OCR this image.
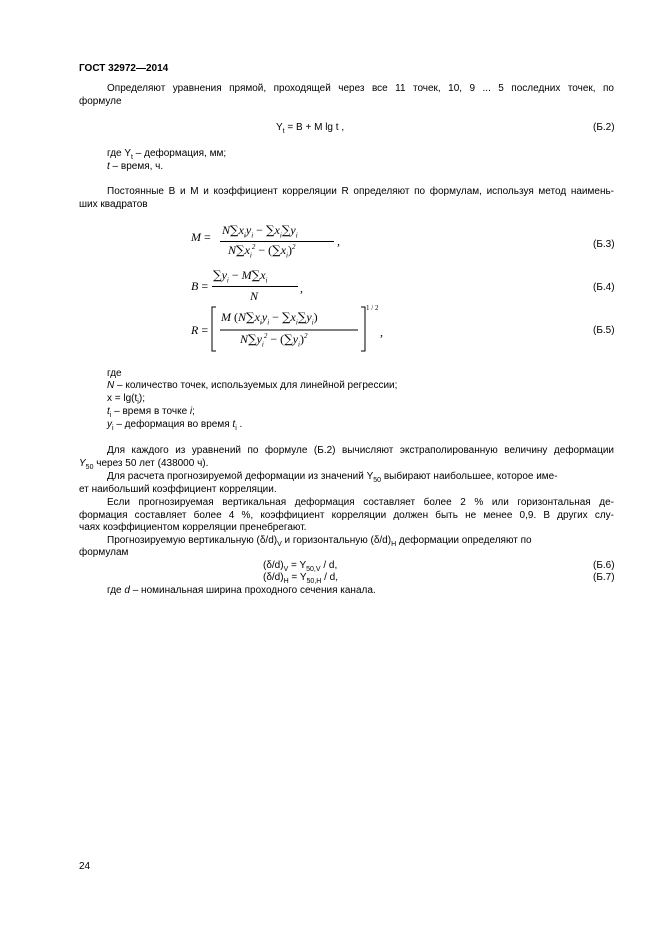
ГОСТ 32972—2014
Определяют уравнения прямой, проходящей через все 11 точек, 10, 9 ... 5 последних точек, по
формуле
$Y_t = B + M$ lg t ,	(Б.2)
где $Y_t$ – деформация, мм;
t – время, ч.
Постоянные B и M и коэффициент корреляции R определяют по формулам, используя метод наимень-
ших квадратов
$M = N\sum x_iy_i - \sum x_i\sum y_i$
$N\sum x_i^2 - (\sum x_i)^2$	,	(Б.3)
B =
$\sum y_i - M\sum x_i$
N
,	(Б.4)
R =
M $(N\sum x_iy_i - \sum x_i\sum y_i)$
$N\sum y_i^2 - (\sum y_i)^2$
1 / 2
,	(Б.5)
где
N – количество точек, используемых для линейной регрессии;
$x = \lg(t_i)$;
$t_i$ – время в точке i;
$y_i$ – деформация во время $t_i$ .
Для каждого из уравнений по формуле (Б.2) вычисляют экстраполированную величину деформации
$Y_{50}$ через 50 лет (438000 ч).
Для расчета прогнозируемой деформации из значений $Y_{50}$ выбирают наибольшее, которое име-
ет наибольший коэффициент корреляции.
Если прогнозируемая вертикальная деформация составляет более 2 % или горизонтальная де-
формация составляет более 4 %, коэффициент корреляции должен быть не менее 0,9. В других слу-
чаях коэффициентом корреляции пренебрегают.
Прогнозируемую вертикальную $(\delta/d)_V$ и горизонтальную $(\delta/d)_H$ деформации определяют по
формулам
$(\delta/d)_V = Y_{50,V} / d$,	(Б.6)
$(\delta/d)_H = Y_{50,H} / d$,	(Б.7)
где d – номинальная ширина проходного сечения канала.
24
